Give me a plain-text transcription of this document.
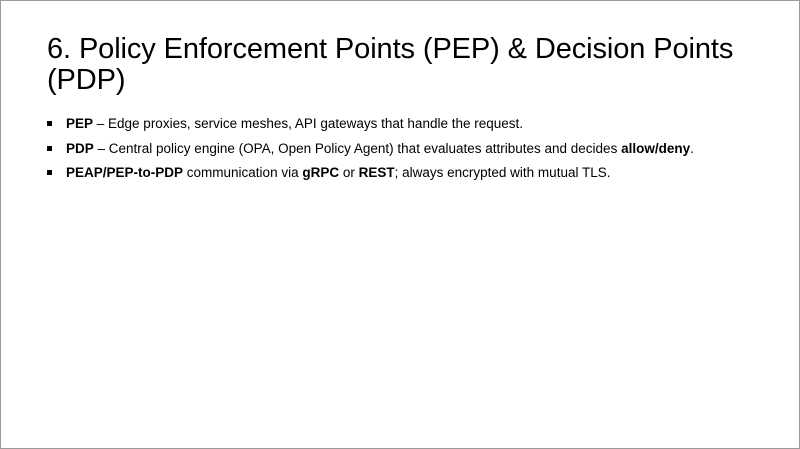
6. Policy Enforcement Points (PEP) & Decision Points (PDP)
PEP – Edge proxies, service meshes, API gateways that handle the request.
PDP – Central policy engine (OPA, Open Policy Agent) that evaluates attributes and decides allow/deny.
PEAP/PEP-to-PDP communication via gRPC or REST; always encrypted with mutual TLS.
